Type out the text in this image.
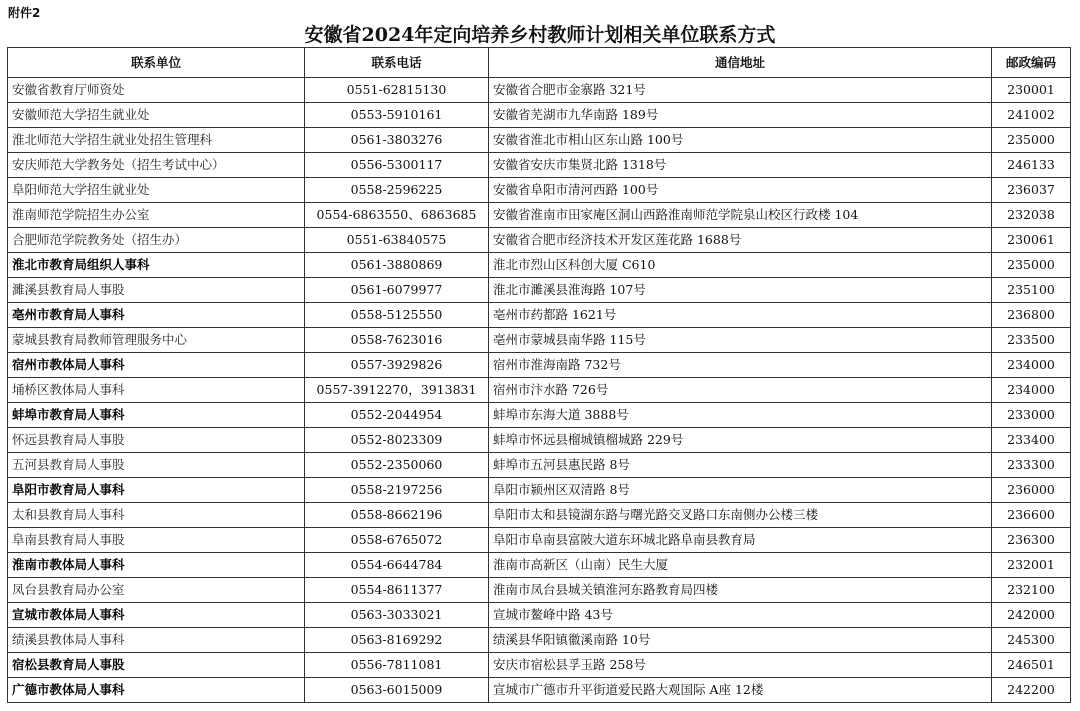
附件2
安徽省2024年定向培养乡村教师计划相关单位联系方式
联系单位	联系电话	通信地址	邮政编码
安徽省教育厅师资处	0551-62815130	安徽省合肥市金寨路 321号	230001
安徽师范大学招生就业处	0553-5910161	安徽省芜湖市九华南路 189号	241002
淮北师范大学招生就业处招生管理科	0561-3803276	安徽省淮北市相山区东山路 100号	235000
安庆师范大学教务处（招生考试中心）	0556-5300117	安徽省安庆市集贤北路 1318号	246133
阜阳师范大学招生就业处	0558-2596225	安徽省阜阳市清河西路 100号	236037
淮南师范学院招生办公室	0554-6863550、6863685	安徽省淮南市田家庵区洞山西路淮南师范学院泉山校区行政楼 104	232038
合肥师范学院教务处（招生办）	0551-63840575	安徽省合肥市经济技术开发区莲花路 1688号	230061
淮北市教育局组织人事科	0561-3880869	淮北市烈山区科创大厦 C610	235000
濉溪县教育局人事股	0561-6079977	淮北市濉溪县淮海路 107号	235100
亳州市教育局人事科	0558-5125550	亳州市药都路 1621号	236800
蒙城县教育局教师管理服务中心	0558-7623016	亳州市蒙城县南华路 115号	233500
宿州市教体局人事科	0557-3929826	宿州市淮海南路 732号	234000
埇桥区教体局人事科	0557-3912270，3913831	宿州市汴水路 726号	234000
蚌埠市教育局人事科	0552-2044954	蚌埠市东海大道 3888号	233000
怀远县教育局人事股	0552-8023309	蚌埠市怀远县榴城镇榴城路 229号	233400
五河县教育局人事股	0552-2350060	蚌埠市五河县惠民路 8号	233300
阜阳市教育局人事科	0558-2197256	阜阳市颍州区双清路 8号	236000
太和县教育局人事科	0558-8662196	阜阳市太和县镜湖东路与曙光路交叉路口东南侧办公楼三楼	236600
阜南县教育局人事股	0558-6765072	阜阳市阜南县富陂大道东环城北路阜南县教育局	236300
淮南市教体局人事科	0554-6644784	淮南市高新区（山南）民生大厦	232001
凤台县教育局办公室	0554-8611377	淮南市凤台县城关镇淮河东路教育局四楼	232100
宣城市教体局人事科	0563-3033021	宣城市鳌峰中路 43号	242000
绩溪县教体局人事科	0563-8169292	绩溪县华阳镇徽溪南路 10号	245300
宿松县教育局人事股	0556-7811081	安庆市宿松县孚玉路 258号	246501
广德市教体局人事科	0563-6015009	宣城市广德市升平街道爱民路大观国际 A座 12楼	242200
